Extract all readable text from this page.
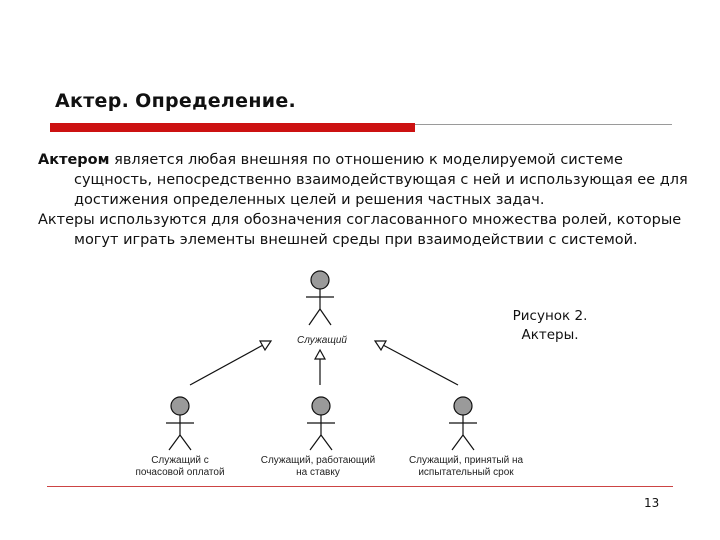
Актер. Определение.

Актером является любая внешняя по отношению к моделируемой системе сущность, непосредственно взаимодействующая с ней и использующая ее для достижения определенных целей и решения частных задач.

Актеры используются для обозначения согласованного множества ролей, которые могут играть элементы внешней среды при взаимодействии с системой.

Служащий
Служащий с
почасовой оплатой
Служащий, работающий
на ставку
Служащий, принятый на
испытательный срок
Рисунок 2.
Актеры.
13
